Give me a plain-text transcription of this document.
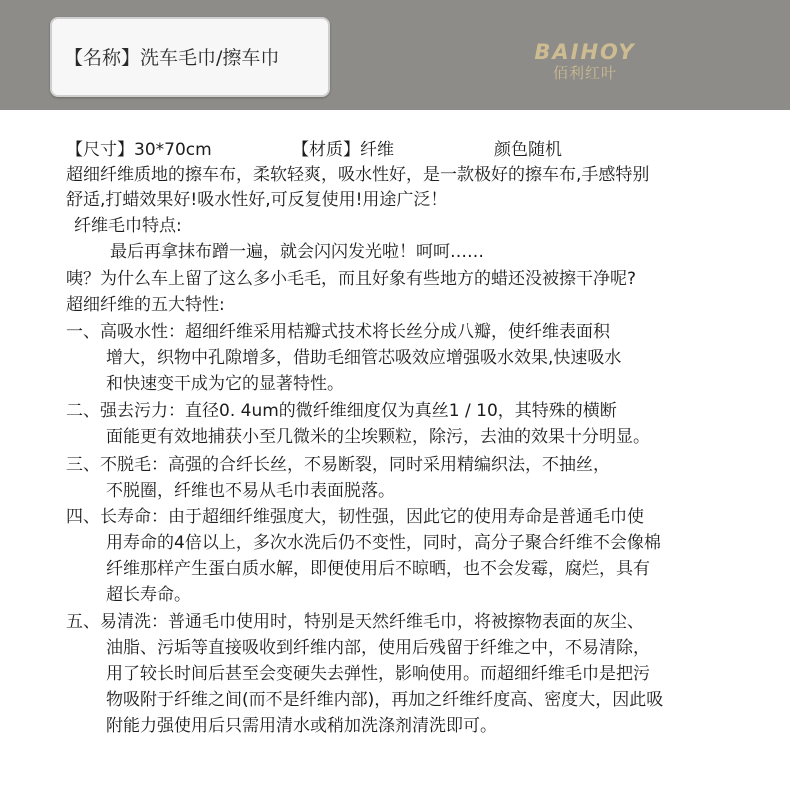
【名称】洗车毛巾/擦车巾	BAIHOY
佰利红叶
【尺寸】30*70cm	【材质】纤维	颜色随机
超细纤维质地的擦车布，柔软轻爽，吸水性好，是一款极好的擦车布,手感特别
舒适,打蜡效果好!吸水性好,可反复使用!用途广泛！
纤维毛巾特点:
最后再拿抹布蹭一遍，就会闪闪发光啦！呵呵……
咦？为什么车上留了这么多小毛毛，而且好象有些地方的蜡还没被擦干净呢?
超细纤维的五大特性:
一、高吸水性：超细纤维采用桔瓣式技术将长丝分成八瓣，使纤维表面积
增大，织物中孔隙增多，借助毛细管芯吸效应增强吸水效果,快速吸水
和快速变干成为它的显著特性。
二、强去污力：直径0. 4um的微纤维细度仅为真丝1 / 10，其特殊的横断
面能更有效地捕获小至几微米的尘埃颗粒，除污，去油的效果十分明显。
三、不脱毛：高强的合纤长丝，不易断裂，同时采用精编织法，不抽丝，
不脱圈，纤维也不易从毛巾表面脱落。
四、长寿命：由于超细纤维强度大，韧性强，因此它的使用寿命是普通毛巾使
用寿命的4倍以上，多次水洗后仍不变性，同时，高分子聚合纤维不会像棉
纤维那样产生蛋白质水解，即便使用后不晾晒，也不会发霉，腐烂，具有
超长寿命。
五、易清洗：普通毛巾使用时，特别是天然纤维毛巾，将被擦物表面的灰尘、
油脂、污垢等直接吸收到纤维内部，使用后残留于纤维之中，不易清除，
用了较长时间后甚至会变硬失去弹性，影响使用。而超细纤维毛巾是把污
物吸附于纤维之间(而不是纤维内部)，再加之纤维纤度高、密度大，因此吸
附能力强使用后只需用清水或稍加洗涤剂清洗即可。
